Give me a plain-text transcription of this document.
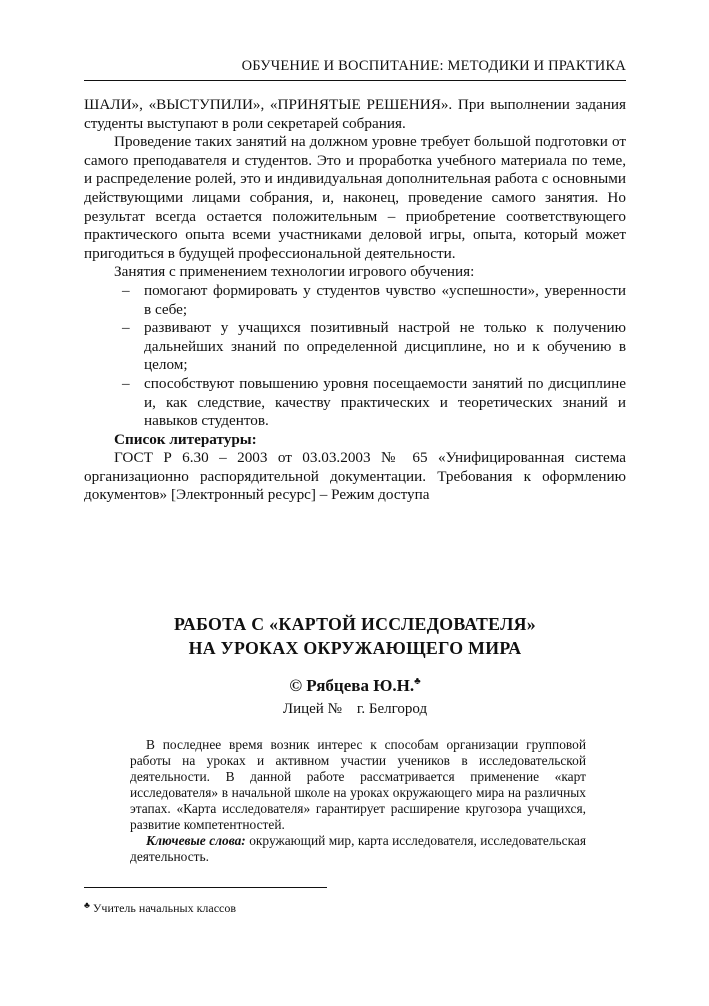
ОБУЧЕНИЕ И ВОСПИТАНИЕ: МЕТОДИКИ И ПРАКТИКА

ШАЛИ», «ВЫСТУПИЛИ», «ПРИНЯТЫЕ РЕШЕНИЯ». При выполнении задания студенты выступают в роли секретарей собрания.

Проведение таких занятий на должном уровне требует большой подготовки от самого преподавателя и студентов. Это и проработка учебного материала по теме, и распределение ролей, это и индивидуальная дополнительная работа с основными действующими лицами собрания, и, наконец, проведение самого занятия. Но результат всегда остается положительным – приобретение соответствующего практического опыта всеми участниками деловой игры, опыта, который может пригодиться в будущей профессиональной деятельности.

Занятия с применением технологии игрового обучения:

– помогают формировать у студентов чувство «успешности», уверенности в себе;
– развивают у учащихся позитивный настрой не только к получению дальнейших знаний по определенной дисциплине, но и к обучению в целом;
– способствуют повышению уровня посещаемости занятий по дисциплине и, как следствие, качеству практических и теоретических знаний и навыков студентов.

Список литературы:

ГОСТ Р 6.30 – 2003 от 03.03.2003 № 65 «Унифицированная система организационно распорядительной документации. Требования к оформлению документов» [Электронный ресурс] – Режим доступа

РАБОТА С «КАРТОЙ ИССЛЕДОВАТЕЛЯ»
НА УРОКАХ ОКРУЖАЮЩЕГО МИРА
© Рябцева Ю.Н.♣
Лицей №    г. Белгород

В последнее время возник интерес к способам организации групповой работы на уроках и активном участии учеников в исследовательской деятельности. В данной работе рассматривается применение «карт исследователя» в начальной школе на уроках окружающего мира на различных этапах. «Карта исследователя» гарантирует расширение кругозора учащихся, развитие компетентностей.

Ключевые слова: окружающий мир, карта исследователя, исследовательская деятельность.

♣ Учитель начальных классов
